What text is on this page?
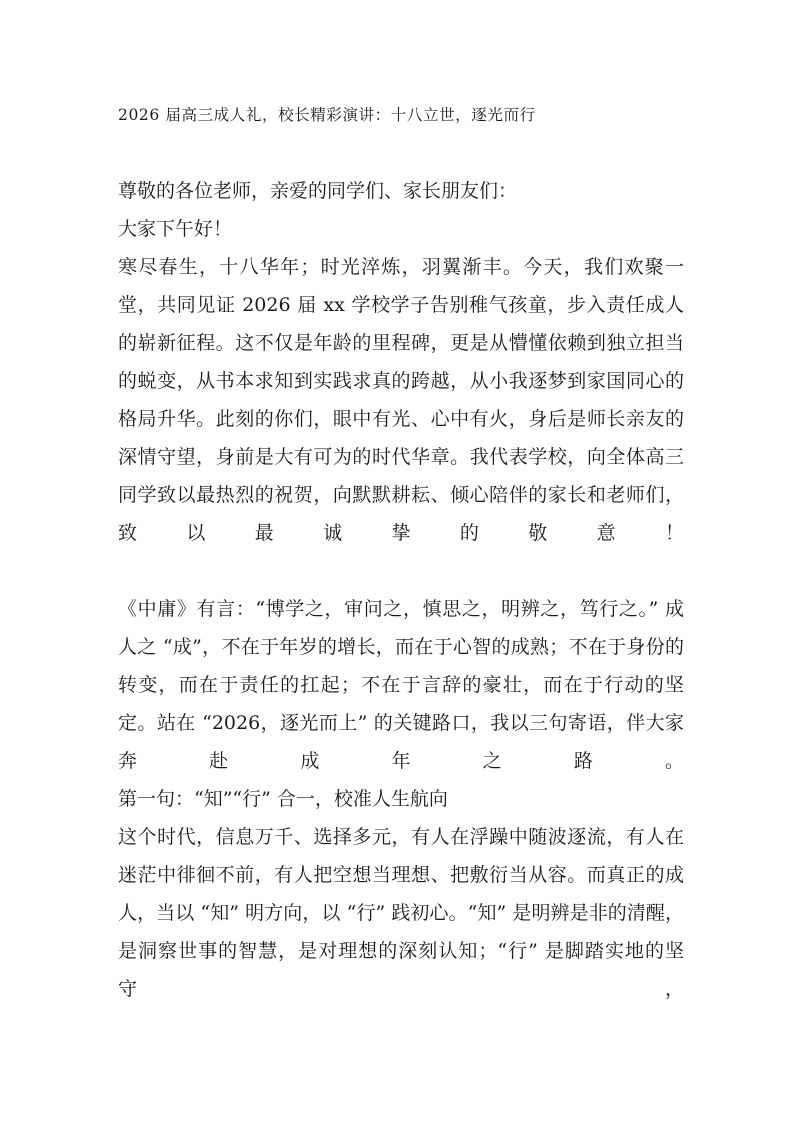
2026 届高三成人礼，校长精彩演讲：十八立世，逐光而行

尊敬的各位老师，亲爱的同学们、家长朋友们：

大家下午好！

寒尽春生，十八华年；时光淬炼，羽翼渐丰。今天，我们欢聚一堂，共同见证 2026 届 xx 学校学子告别稚气孩童，步入责任成人的崭新征程。这不仅是年龄的里程碑，更是从懵懂依赖到独立担当的蜕变，从书本求知到实践求真的跨越，从小我逐梦到家国同心的格局升华。此刻的你们，眼中有光、心中有火，身后是师长亲友的深情守望，身前是大有可为的时代华章。我代表学校，向全体高三同学致以最热烈的祝贺，向默默耕耘、倾心陪伴的家长和老师们，致以最诚挚的敬意！

《中庸》有言：“博学之，审问之，慎思之，明辨之，笃行之。” 成人之 “成”，不在于年岁的增长，而在于心智的成熟；不在于身份的转变，而在于责任的扛起；不在于言辞的豪壮，而在于行动的坚定。站在 “2026，逐光而上” 的关键路口，我以三句寄语，伴大家奔赴成年之路。

第一句：“知”“行” 合一，校准人生航向

这个时代，信息万千、选择多元，有人在浮躁中随波逐流，有人在迷茫中徘徊不前，有人把空想当理想、把敷衍当从容。而真正的成人，当以 “知” 明方向，以 “行” 践初心。“知” 是明辨是非的清醒，是洞察世事的智慧，是对理想的深刻认知；“行” 是脚踏实地的坚守，
